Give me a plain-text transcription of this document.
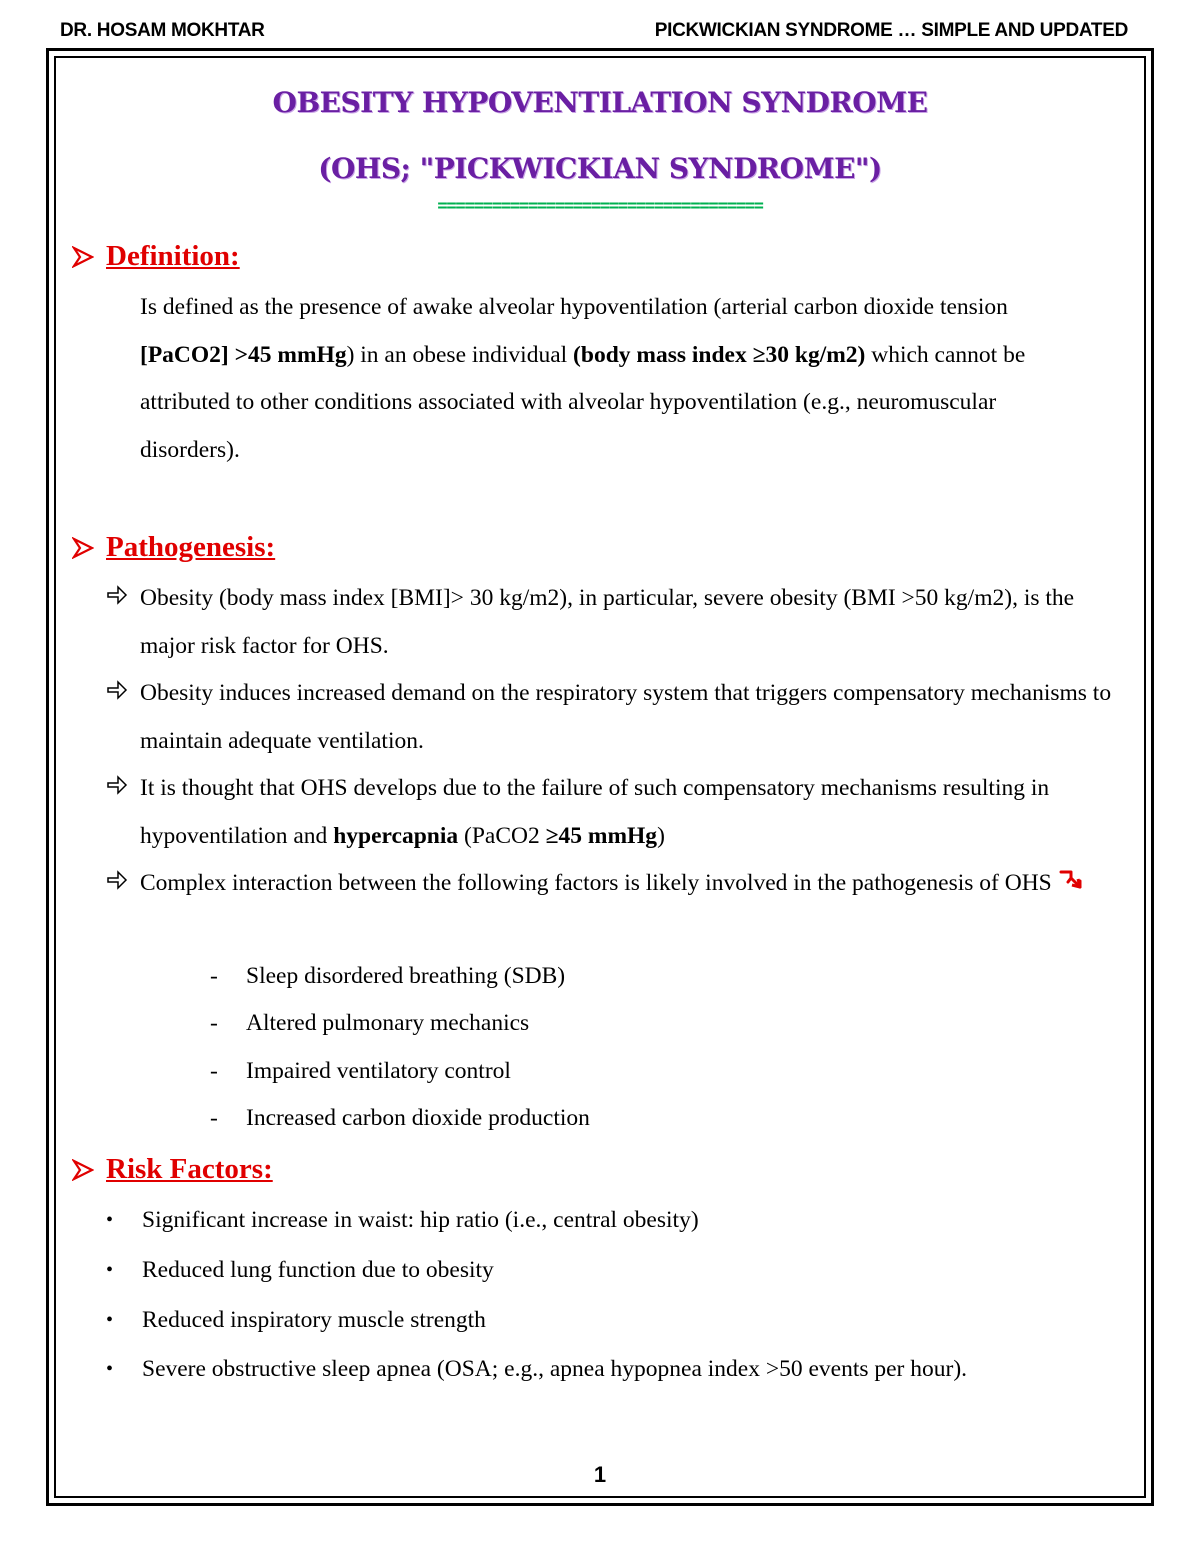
DR. HOSAM MOKHTAR	PICKWICKIAN SYNDROME … SIMPLE AND UPDATED
OBESITY HYPOVENTILATION SYNDROME
(OHS; "PICKWICKIAN SYNDROME")
====================================
Definition:
Is defined as the presence of awake alveolar hypoventilation (arterial carbon dioxide tension [PaCO2] >45 mmHg) in an obese individual (body mass index ≥30 kg/m2) which cannot be attributed to other conditions associated with alveolar hypoventilation (e.g., neuromuscular disorders).
Pathogenesis:
Obesity (body mass index [BMI]> 30 kg/m2), in particular, severe obesity (BMI >50 kg/m2), is the major risk factor for OHS.
Obesity induces increased demand on the respiratory system that triggers compensatory mechanisms to maintain adequate ventilation.
It is thought that OHS develops due to the failure of such compensatory mechanisms resulting in hypoventilation and hypercapnia (PaCO2 ≥45 mmHg)
Complex interaction between the following factors is likely involved in the pathogenesis of OHS
-	Sleep disordered breathing (SDB)
-	Altered pulmonary mechanics
-	Impaired ventilatory control
-	Increased carbon dioxide production
Risk Factors:
•	Significant increase in waist: hip ratio (i.e., central obesity)
•	Reduced lung function due to obesity
•	Reduced inspiratory muscle strength
•	Severe obstructive sleep apnea (OSA; e.g., apnea hypopnea index >50 events per hour).
1
